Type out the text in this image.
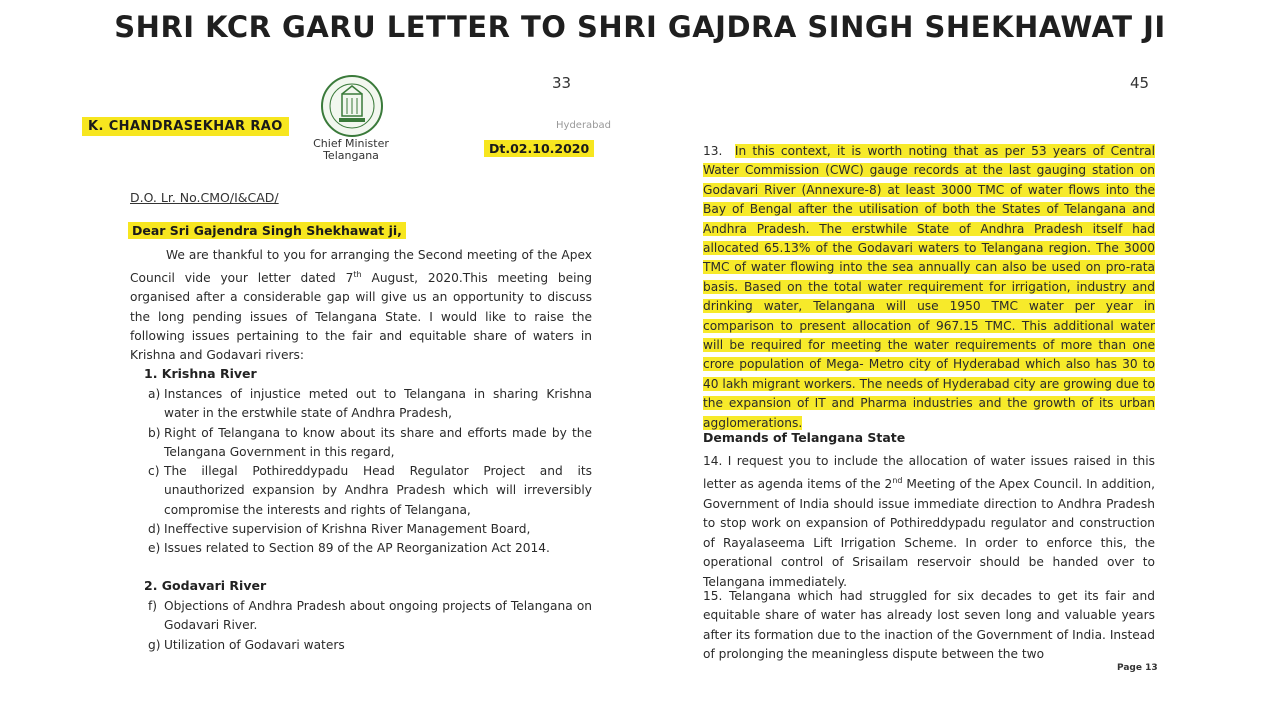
SHRI KCR GARU LETTER TO SHRI GAJDRA SINGH SHEKHAWAT JI
K. CHANDRASEKHAR RAO
Chief Minister
Telangana
33
Hyderabad
Dt.02.10.2020
D.O. Lr. No.CMO/I&CAD/
Dear Sri Gajendra Singh Shekhawat ji,
We are thankful to you for arranging the Second meeting of the Apex Council vide your letter dated 7th August, 2020.This meeting being organised after a considerable gap will give us an opportunity to discuss the long pending issues of Telangana State. I would like to raise the following issues pertaining to the fair and equitable share of waters in Krishna and Godavari rivers:
1. Krishna River
a) Instances of injustice meted out to Telangana in sharing Krishna water in the erstwhile state of Andhra Pradesh,
b) Right of Telangana to know about its share and efforts made by the Telangana Government in this regard,
c) The illegal Pothireddypadu Head Regulator Project and its unauthorized expansion by Andhra Pradesh which will irreversibly compromise the interests and rights of Telangana,
d) Ineffective supervision of Krishna River Management Board,
e) Issues related to Section 89 of the AP Reorganization Act 2014.
2. Godavari River
f) Objections of Andhra Pradesh about ongoing projects of Telangana on Godavari River.
g) Utilization of Godavari waters
45
13. In this context, it is worth noting that as per 53 years of Central Water Commission (CWC) gauge records at the last gauging station on Godavari River (Annexure-8) at least 3000 TMC of water flows into the Bay of Bengal after the utilisation of both the States of Telangana and Andhra Pradesh. The erstwhile State of Andhra Pradesh itself had allocated 65.13% of the Godavari waters to Telangana region. The 3000 TMC of water flowing into the sea annually can also be used on pro-rata basis. Based on the total water requirement for irrigation, industry and drinking water, Telangana will use 1950 TMC water per year in comparison to present allocation of 967.15 TMC. This additional water will be required for meeting the water requirements of more than one crore population of Mega- Metro city of Hyderabad which also has 30 to 40 lakh migrant workers. The needs of Hyderabad city are growing due to the expansion of IT and Pharma industries and the growth of its urban agglomerations.
Demands of Telangana State
14. I request you to include the allocation of water issues raised in this letter as agenda items of the 2nd Meeting of the Apex Council. In addition, Government of India should issue immediate direction to Andhra Pradesh to stop work on expansion of Pothireddypadu regulator and construction of Rayalaseema Lift Irrigation Scheme. In order to enforce this, the operational control of Srisailam reservoir should be handed over to Telangana immediately.
15. Telangana which had struggled for six decades to get its fair and equitable share of water has already lost seven long and valuable years after its formation due to the inaction of the Government of India. Instead of prolonging the meaningless dispute between the two
Page 13
